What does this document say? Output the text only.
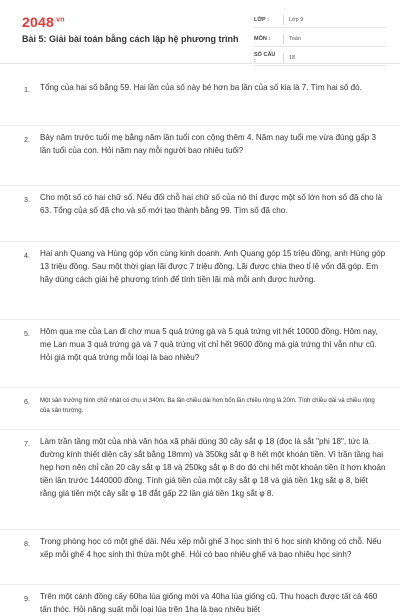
$2048^{.vn}$
Bài 5: Giải bài toán bằng cách lập hệ phương trình
LỚP :	Lớp 9
MÔN :	Toán
SỐ CÂU :	18
1. Tổng của hai số bằng 59. Hai lần của số này bé hơn ba lần của số kia là 7. Tìm hai số đó.
2. Bảy năm trước tuổi mẹ bằng năm lần tuổi con cộng thêm 4. Năm nay tuổi mẹ vừa đúng gấp 3 lần tuổi của con. Hỏi năm nay mỗi người bao nhiêu tuổi?
3. Cho một số có hai chữ số. Nếu đổi chỗ hai chữ số của nó thì được một số lớn hơn số đã cho là 63. Tổng của số đã cho và số mới tạo thành bằng 99. Tìm số đã cho.
4. Hai anh Quang và Hùng góp vốn cùng kinh doanh. Anh Quang góp 15 triệu đồng, anh Hùng góp 13 triệu đồng. Sau một thời gian lãi được 7 triệu đồng. Lãi được chia theo tỉ lệ vốn đã góp. Em hãy dùng cách giải hệ phương trình để tính tiền lãi mà mỗi anh được hưởng.
5. Hôm qua mẹ của Lan đi chợ mua 5 quả trứng gà và 5 quả trứng vịt hết 10000 đồng. Hôm nay, mẹ Lan mua 3 quả trứng gà và 7 quả trứng vịt chỉ hết 9600 đồng mà giá trứng thì vẫn như cũ. Hỏi giá một quả trứng mỗi loại là bao nhiêu?
6. Một sân trường hình chữ nhật có chu vi 340m. Ba lần chiều dài hơn bốn lần chiều rộng là 20m. Tính chiều dài và chiều rộng của sân trường.
7. Làm trần tầng một của nhà văn hóa xã phải dùng 30 cây sắt φ 18 (đọc là sắt "phi 18", tức là đường kính thiết diện cây sắt bằng 18mm) và 350kg sắt φ 8 hết một khoản tiền. Vì trần tầng hai hẹp hơn nên chỉ cần 20 cây sắt φ 18 và 250kg sắt φ 8 do đó chi hết một khoản tiền ít hơn khoản tiền lần trước 1440000 đồng. Tính giá tiền của một cây sắt φ 18 và giá tiền 1kg sắt φ 8, biết rằng giá tiền một cây sắt φ 18 đắt gấp 22 lần giá tiền 1kg sắt φ 8.
8. Trong phòng học có một ghế dài. Nếu xếp mỗi ghế 3 học sinh thì 6 học sinh không có chỗ. Nếu xếp mỗi ghế 4 học sinh thì thừa một ghế. Hỏi có bao nhiêu ghế và bao nhiêu học sinh?
9. Trên một cánh đồng cấy 60ha lúa giống mới và 40ha lúa giống cũ. Thu hoạch được tất cả 460 tấn thóc. Hỏi năng suất mỗi loại lúa trên 1ha là bao nhiêu biết
